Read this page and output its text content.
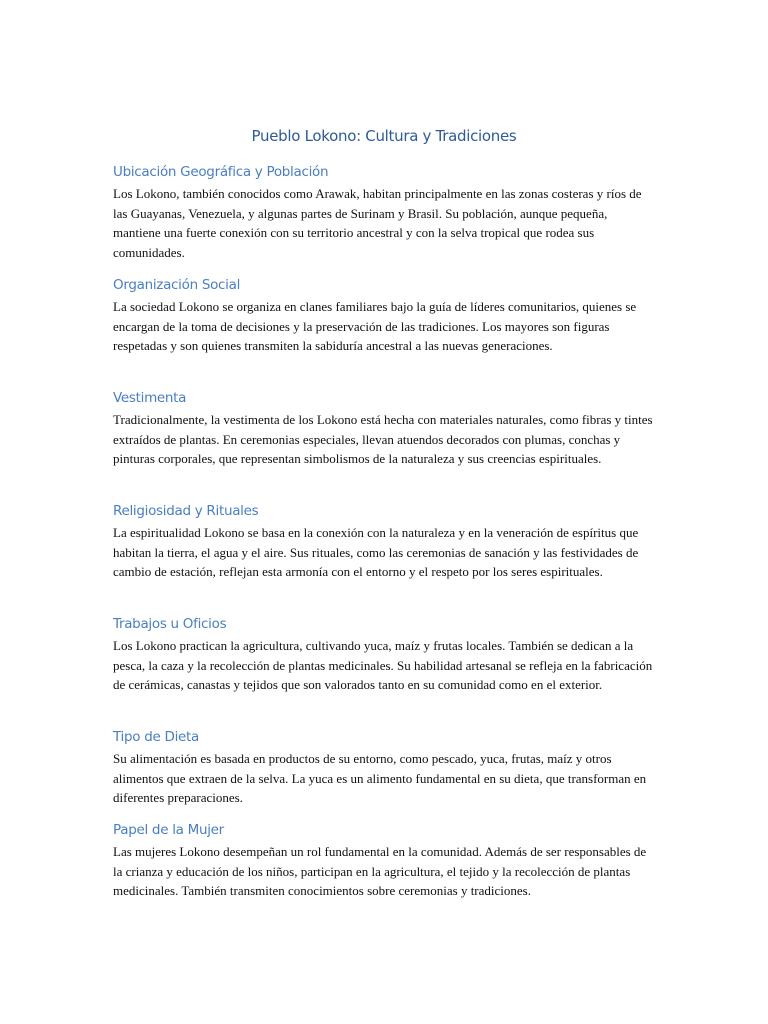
Pueblo Lokono: Cultura y Tradiciones
Ubicación Geográfica y Población

Los Lokono, también conocidos como Arawak, habitan principalmente en las zonas costeras y ríos de las Guayanas, Venezuela, y algunas partes de Surinam y Brasil. Su población, aunque pequeña, mantiene una fuerte conexión con su territorio ancestral y con la selva tropical que rodea sus comunidades.

Organización Social

La sociedad Lokono se organiza en clanes familiares bajo la guía de líderes comunitarios, quienes se encargan de la toma de decisiones y la preservación de las tradiciones. Los mayores son figuras respetadas y son quienes transmiten la sabiduría ancestral a las nuevas generaciones.

Vestimenta

Tradicionalmente, la vestimenta de los Lokono está hecha con materiales naturales, como fibras y tintes extraídos de plantas. En ceremonias especiales, llevan atuendos decorados con plumas, conchas y pinturas corporales, que representan simbolismos de la naturaleza y sus creencias espirituales.

Religiosidad y Rituales

La espiritualidad Lokono se basa en la conexión con la naturaleza y en la veneración de espíritus que habitan la tierra, el agua y el aire. Sus rituales, como las ceremonias de sanación y las festividades de cambio de estación, reflejan esta armonía con el entorno y el respeto por los seres espirituales.

Trabajos u Oficios

Los Lokono practican la agricultura, cultivando yuca, maíz y frutas locales. También se dedican a la pesca, la caza y la recolección de plantas medicinales. Su habilidad artesanal se refleja en la fabricación de cerámicas, canastas y tejidos que son valorados tanto en su comunidad como en el exterior.

Tipo de Dieta

Su alimentación es basada en productos de su entorno, como pescado, yuca, frutas, maíz y otros alimentos que extraen de la selva. La yuca es un alimento fundamental en su dieta, que transforman en diferentes preparaciones.

Papel de la Mujer

Las mujeres Lokono desempeñan un rol fundamental en la comunidad. Además de ser responsables de la crianza y educación de los niños, participan en la agricultura, el tejido y la recolección de plantas medicinales. También transmiten conocimientos sobre ceremonias y tradiciones.
